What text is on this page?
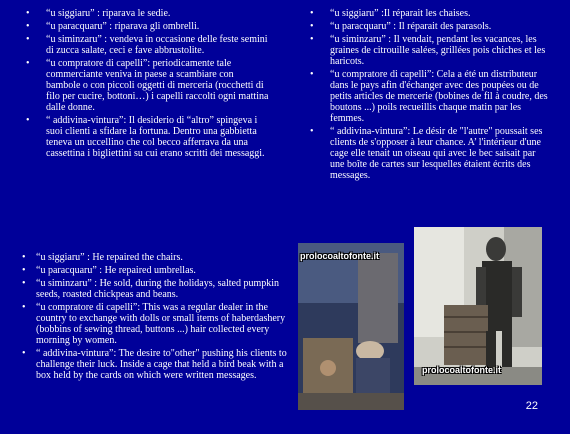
• “u siggiaru” : riparava le sedie.
• “u paracquaru” : riparava gli ombrelli.
• “u siminzaru” : vendeva in occasione delle feste semini di zucca salate, ceci e fave abbrustolite.
• “u compratore di capelli”: periodicamente tale commerciante veniva in paese a scambiare con bambole o con piccoli oggetti di merceria (rocchetti di filo per cucire, bottoni…) i capelli raccolti ogni mattina dalle donne.
• “ addivina-vintura”: Il desiderio di “altro” spingeva i suoi clienti a sfidare la fortuna. Dentro una gabbietta teneva un uccellino che col becco afferrava da una cassettina i bigliettini su cui erano scritti dei messaggi.
• “u siggiaru” :Il réparait les chaises.
• “u paracquaru” : Il réparait des parasols.
• “u siminzaru” : Il vendait, pendant les vacances, les graines de citrouille salées, grillées pois chiches et les haricots.
• “u compratore di capelli”: Cela a été un distributeur dans le pays afin d'échanger avec des poupées ou de petits articles de mercerie (bobines de fil à coudre, des boutons ...) poils recueillis chaque matin par les femmes.
• “ addivina-vintura”: Le désir de "l'autre" poussait ses clients de s'opposer à leur chance. A’ l'intérieur d'une cage elle tenait un oiseau qui avec le bec saisait par une boîte de cartes sur lesquelles étaient écrits des messages.
• “u siggiaru” : He repaired the chairs.
• “u paracquaru” : He repaired umbrellas.
• “u siminzaru” : He sold, during the holidays, salted pumpkin seeds, roasted chickpeas and beans.
• “u compratore di capelli”: This was a regular dealer in the country to exchange with dolls or small items of haberdashery (bobbins of sewing thread, buttons ...) hair collected every morning by women.
• “ addivina-vintura”: The desire to"other" pushing his clients to challenge their luck. Inside a cage that held a bird beak with a box held by the cards on which were written messages.
prolocoaltofonte.it
prolocoaltofonte.it
22
